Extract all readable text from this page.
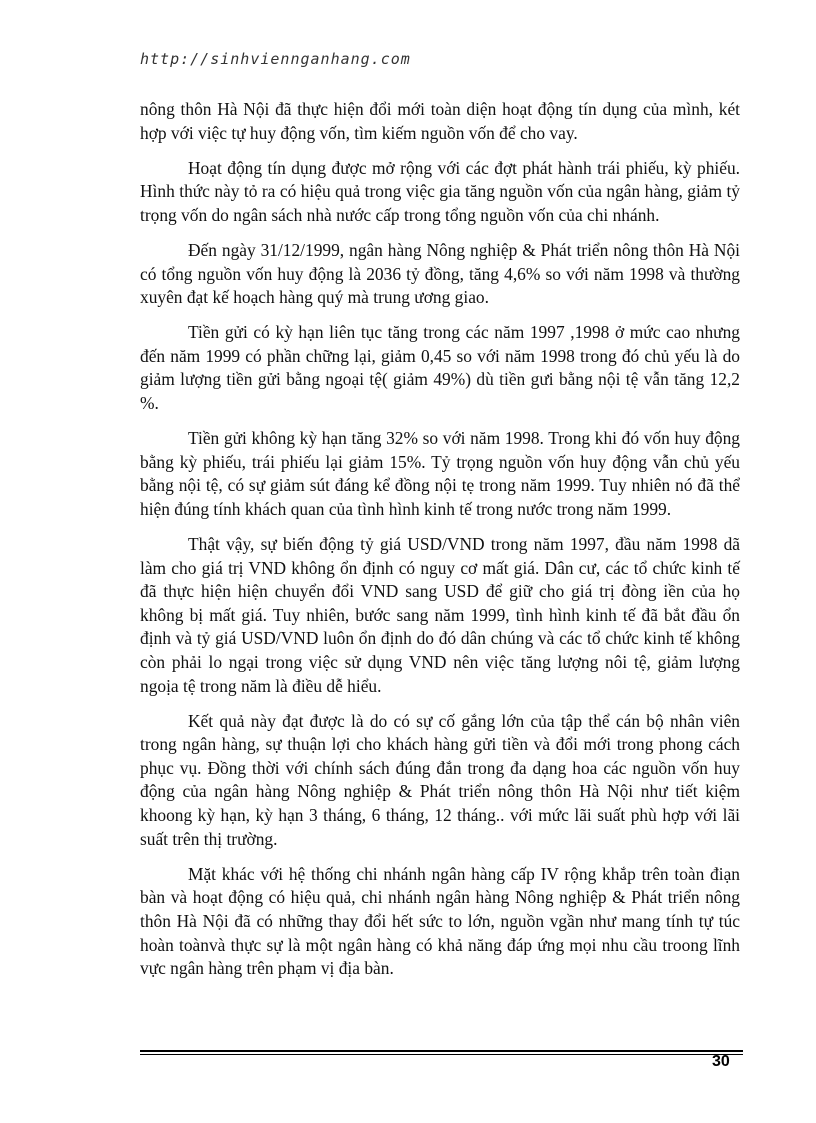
http://sinhviennganhang.com

nông thôn Hà Nội đã thực hiện đổi mới toàn diện hoạt động tín dụng của mình, két hợp với việc tự huy động vốn, tìm kiếm nguồn vốn để cho vay.

Hoạt động tín dụng được mở rộng với các đợt phát hành trái phiếu, kỳ phiếu. Hình thức này tỏ ra có hiệu quả trong việc gia tăng nguồn vốn của ngân hàng, giảm tỷ trọng vốn do ngân sách nhà nước cấp trong tổng nguồn vốn của chi nhánh.

Đến ngày 31/12/1999, ngân hàng Nông nghiệp & Phát triển nông thôn Hà Nội có tổng nguồn vốn huy động là 2036 tỷ đồng, tăng 4,6% so với năm 1998 và thường xuyên đạt kế hoạch hàng quý mà trung ương giao.

Tiền gửi có kỳ hạn liên tục tăng trong các năm 1997 ,1998 ở mức cao nhưng đến năm 1999 có phần chững lại, giảm 0,45 so với năm 1998 trong đó chủ yếu là do giảm lượng tiền gửi bằng ngoại tệ( giảm 49%) dù tiền gưi bằng nội tệ vẫn tăng 12,2 %.

Tiền gửi không kỳ hạn tăng 32% so với năm 1998. Trong khi đó vốn huy động bằng kỳ phiếu, trái phiếu lại giảm 15%. Tỷ trọng nguồn vốn huy động vẫn chủ yếu bằng nội tệ, có sự giảm sút đáng kể đồng nội tẹ trong năm 1999. Tuy nhiên nó đã thể hiện đúng tính khách quan của tình hình kinh tế trong nước trong năm 1999.

Thật vậy, sự biến động tỷ giá USD/VND trong năm 1997, đầu năm 1998 dã làm cho giá trị VND không ổn định có nguy cơ mất giá. Dân cư, các tổ chức kinh tế đã thực hiện hiện chuyển đổi VND sang USD để giữ cho giá trị đòng iền của họ không bị mất giá. Tuy nhiên, bước sang năm 1999, tình hình kinh tế đã bắt đầu ổn định và tỷ giá USD/VND luôn ổn định do đó dân chúng và các tổ chức kinh tế không còn phải lo ngại trong việc sử dụng VND nên việc tăng lượng nôi tệ, giảm lượng ngoịa tệ trong năm là điều dễ hiểu.

Kết quả này đạt được là do có sự cố gắng lớn của tập thể cán bộ nhân viên trong ngân hàng, sự thuận lợi cho khách hàng gửi tiền và đổi mới trong phong cách phục vụ. Đồng thời với chính sách đúng đắn trong đa dạng hoa các nguồn vốn huy động của ngân hàng Nông nghiệp & Phát triển nông thôn Hà Nội như tiết kiệm khoong kỳ hạn, kỳ hạn 3 tháng, 6 tháng, 12 tháng.. với mức lãi suất phù hợp với lãi suất trên thị trường.

Mặt khác với hệ thống chi nhánh ngân hàng cấp IV rộng khắp trên toàn điạn bàn và hoạt động có hiệu quả, chi nhánh ngân hàng Nông nghiệp & Phát triển nông thôn Hà Nội đã có những thay đổi hết sức to lớn, nguồn vgần như mang tính tự túc hoàn toànvà thực sự là một ngân hàng có khả năng đáp ứng mọi nhu cầu troong lĩnh vực ngân hàng trên phạm vị địa bàn.

30
